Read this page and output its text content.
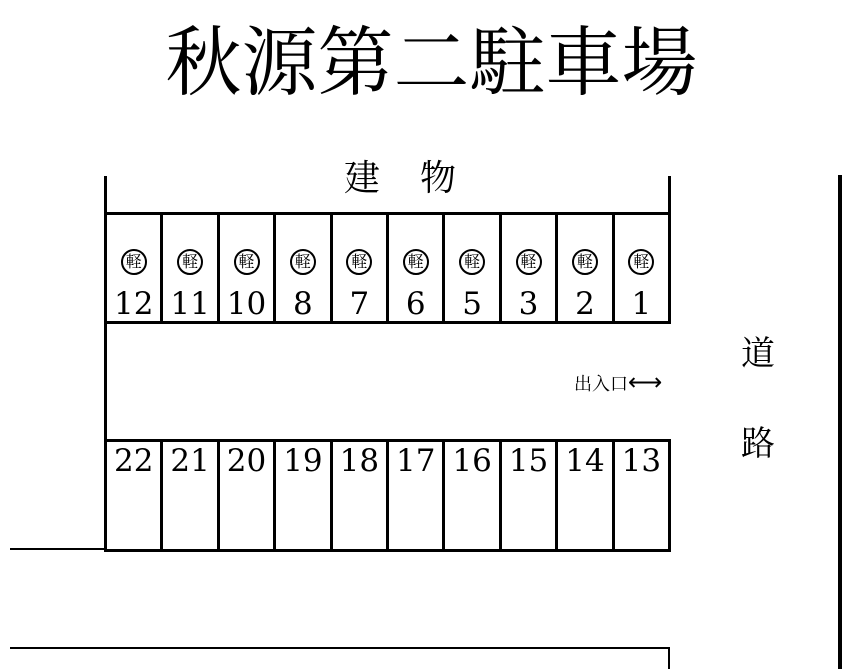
秋源第二駐車場
建物
軽
12
軽
11
軽
10
軽
8
軽
7
軽
6
軽
5
軽
3
軽
2
軽
1
22 21 20 19 18 17 16 15 14 13
出入口⟷
道
路
